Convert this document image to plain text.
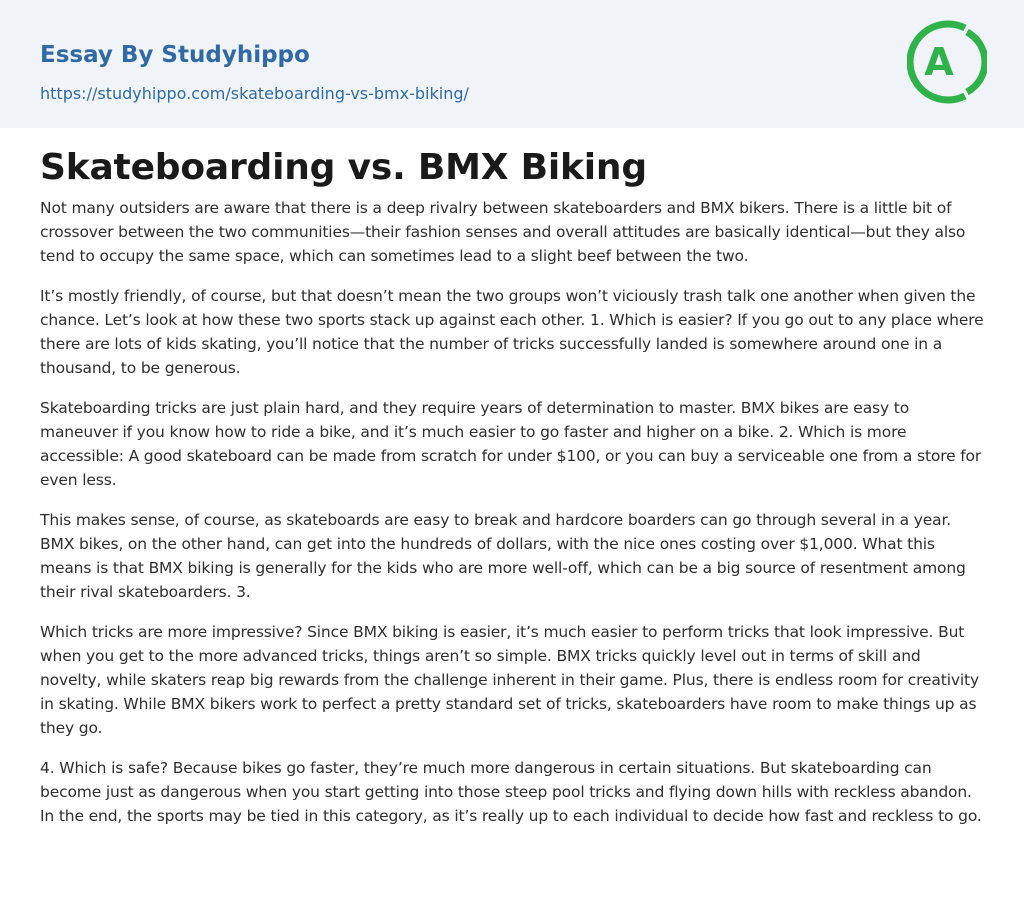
Essay By Studyhippo
https://studyhippo.com/skateboarding-vs-bmx-biking/
A
Skateboarding vs. BMX Biking

Not many outsiders are aware that there is a deep rivalry between skateboarders and BMX bikers. There is a little bit of crossover between the two communities—their fashion senses and overall attitudes are basically identical—but they also tend to occupy the same space, which can sometimes lead to a slight beef between the two.

It’s mostly friendly, of course, but that doesn’t mean the two groups won’t viciously trash talk one another when given the chance. Let’s look at how these two sports stack up against each other. 1. Which is easier? If you go out to any place where there are lots of kids skating, you’ll notice that the number of tricks successfully landed is somewhere around one in a thousand, to be generous.

Skateboarding tricks are just plain hard, and they require years of determination to master. BMX bikes are easy to maneuver if you know how to ride a bike, and it’s much easier to go faster and higher on a bike. 2. Which is more accessible: A good skateboard can be made from scratch for under $100, or you can buy a serviceable one from a store for even less.

This makes sense, of course, as skateboards are easy to break and hardcore boarders can go through several in a year. BMX bikes, on the other hand, can get into the hundreds of dollars, with the nice ones costing over $1,000. What this means is that BMX biking is generally for the kids who are more well-off, which can be a big source of resentment among their rival skateboarders. 3.

Which tricks are more impressive? Since BMX biking is easier, it’s much easier to perform tricks that look impressive. But when you get to the more advanced tricks, things aren’t so simple. BMX tricks quickly level out in terms of skill and novelty, while skaters reap big rewards from the challenge inherent in their game. Plus, there is endless room for creativity in skating. While BMX bikers work to perfect a pretty standard set of tricks, skateboarders have room to make things up as they go.

4. Which is safe? Because bikes go faster, they’re much more dangerous in certain situations. But skateboarding can become just as dangerous when you start getting into those steep pool tricks and flying down hills with reckless abandon. In the end, the sports may be tied in this category, as it’s really up to each individual to decide how fast and reckless to go.
